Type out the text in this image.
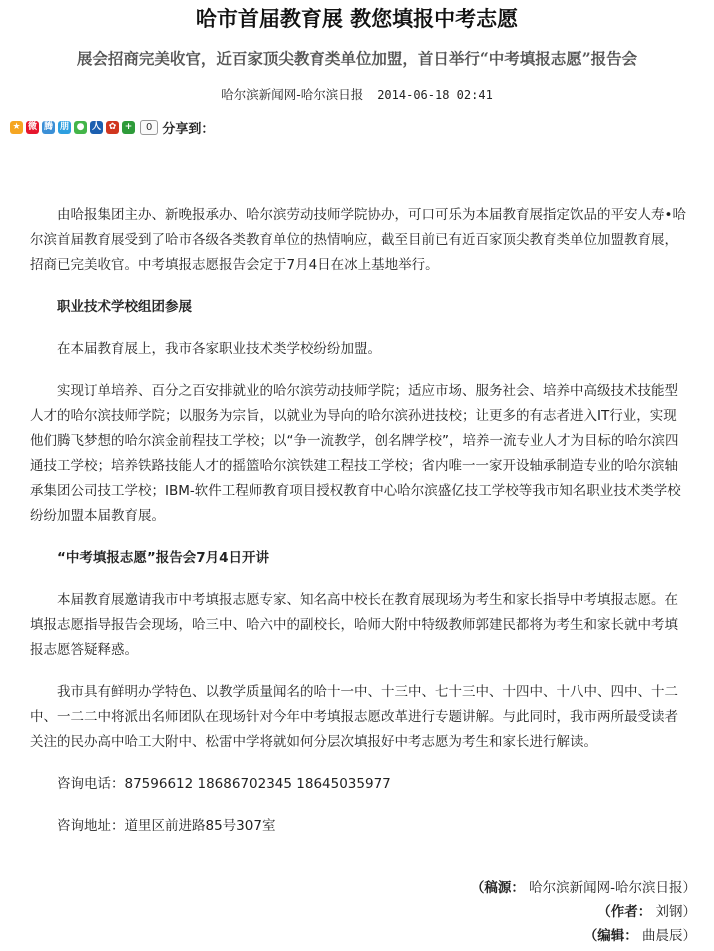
哈市首届教育展 教您填报中考志愿
展会招商完美收官，近百家顶尖教育类单位加盟，首日举行“中考填报志愿”报告会
哈尔滨新闻网-哈尔滨日报 2014-06-18 02:41
★ 微 腾 朋 ● 人 ✿ +	0 分享到：

由哈报集团主办、新晚报承办、哈尔滨劳动技师学院协办，可口可乐为本届教育展指定饮品的平安人寿•哈尔滨首届教育展受到了哈市各级各类教育单位的热情响应，截至目前已有近百家顶尖教育类单位加盟教育展，招商已完美收官。中考填报志愿报告会定于7月4日在冰上基地举行。

职业技术学校组团参展

在本届教育展上，我市各家职业技术类学校纷纷加盟。

实现订单培养、百分之百安排就业的哈尔滨劳动技师学院；适应市场、服务社会、培养中高级技术技能型人才的哈尔滨技师学院；以服务为宗旨，以就业为导向的哈尔滨孙进技校；让更多的有志者进入IT行业，实现他们腾飞梦想的哈尔滨金前程技工学校；以“争一流教学，创名牌学校”，培养一流专业人才为目标的哈尔滨四通技工学校；培养铁路技能人才的摇篮哈尔滨铁建工程技工学校；省内唯一一家开设轴承制造专业的哈尔滨轴承集团公司技工学校；IBM-软件工程师教育项目授权教育中心哈尔滨盛亿技工学校等我市知名职业技术类学校纷纷加盟本届教育展。

“中考填报志愿”报告会7月4日开讲

本届教育展邀请我市中考填报志愿专家、知名高中校长在教育展现场为考生和家长指导中考填报志愿。在填报志愿指导报告会现场，哈三中、哈六中的副校长，哈师大附中特级教师郭建民都将为考生和家长就中考填报志愿答疑释惑。

我市具有鲜明办学特色、以教学质量闻名的哈十一中、十三中、七十三中、十四中、十八中、四中、十二中、一二二中将派出名师团队在现场针对今年中考填报志愿改革进行专题讲解。与此同时，我市两所最受读者关注的民办高中哈工大附中、松雷中学将就如何分层次填报好中考志愿为考生和家长进行解读。

咨询电话：87596612 18686702345 18645035977

咨询地址：道里区前进路85号307室

（稿源： 哈尔滨新闻网-哈尔滨日报）
（作者： 刘钢）
（编辑： 曲晨辰）
